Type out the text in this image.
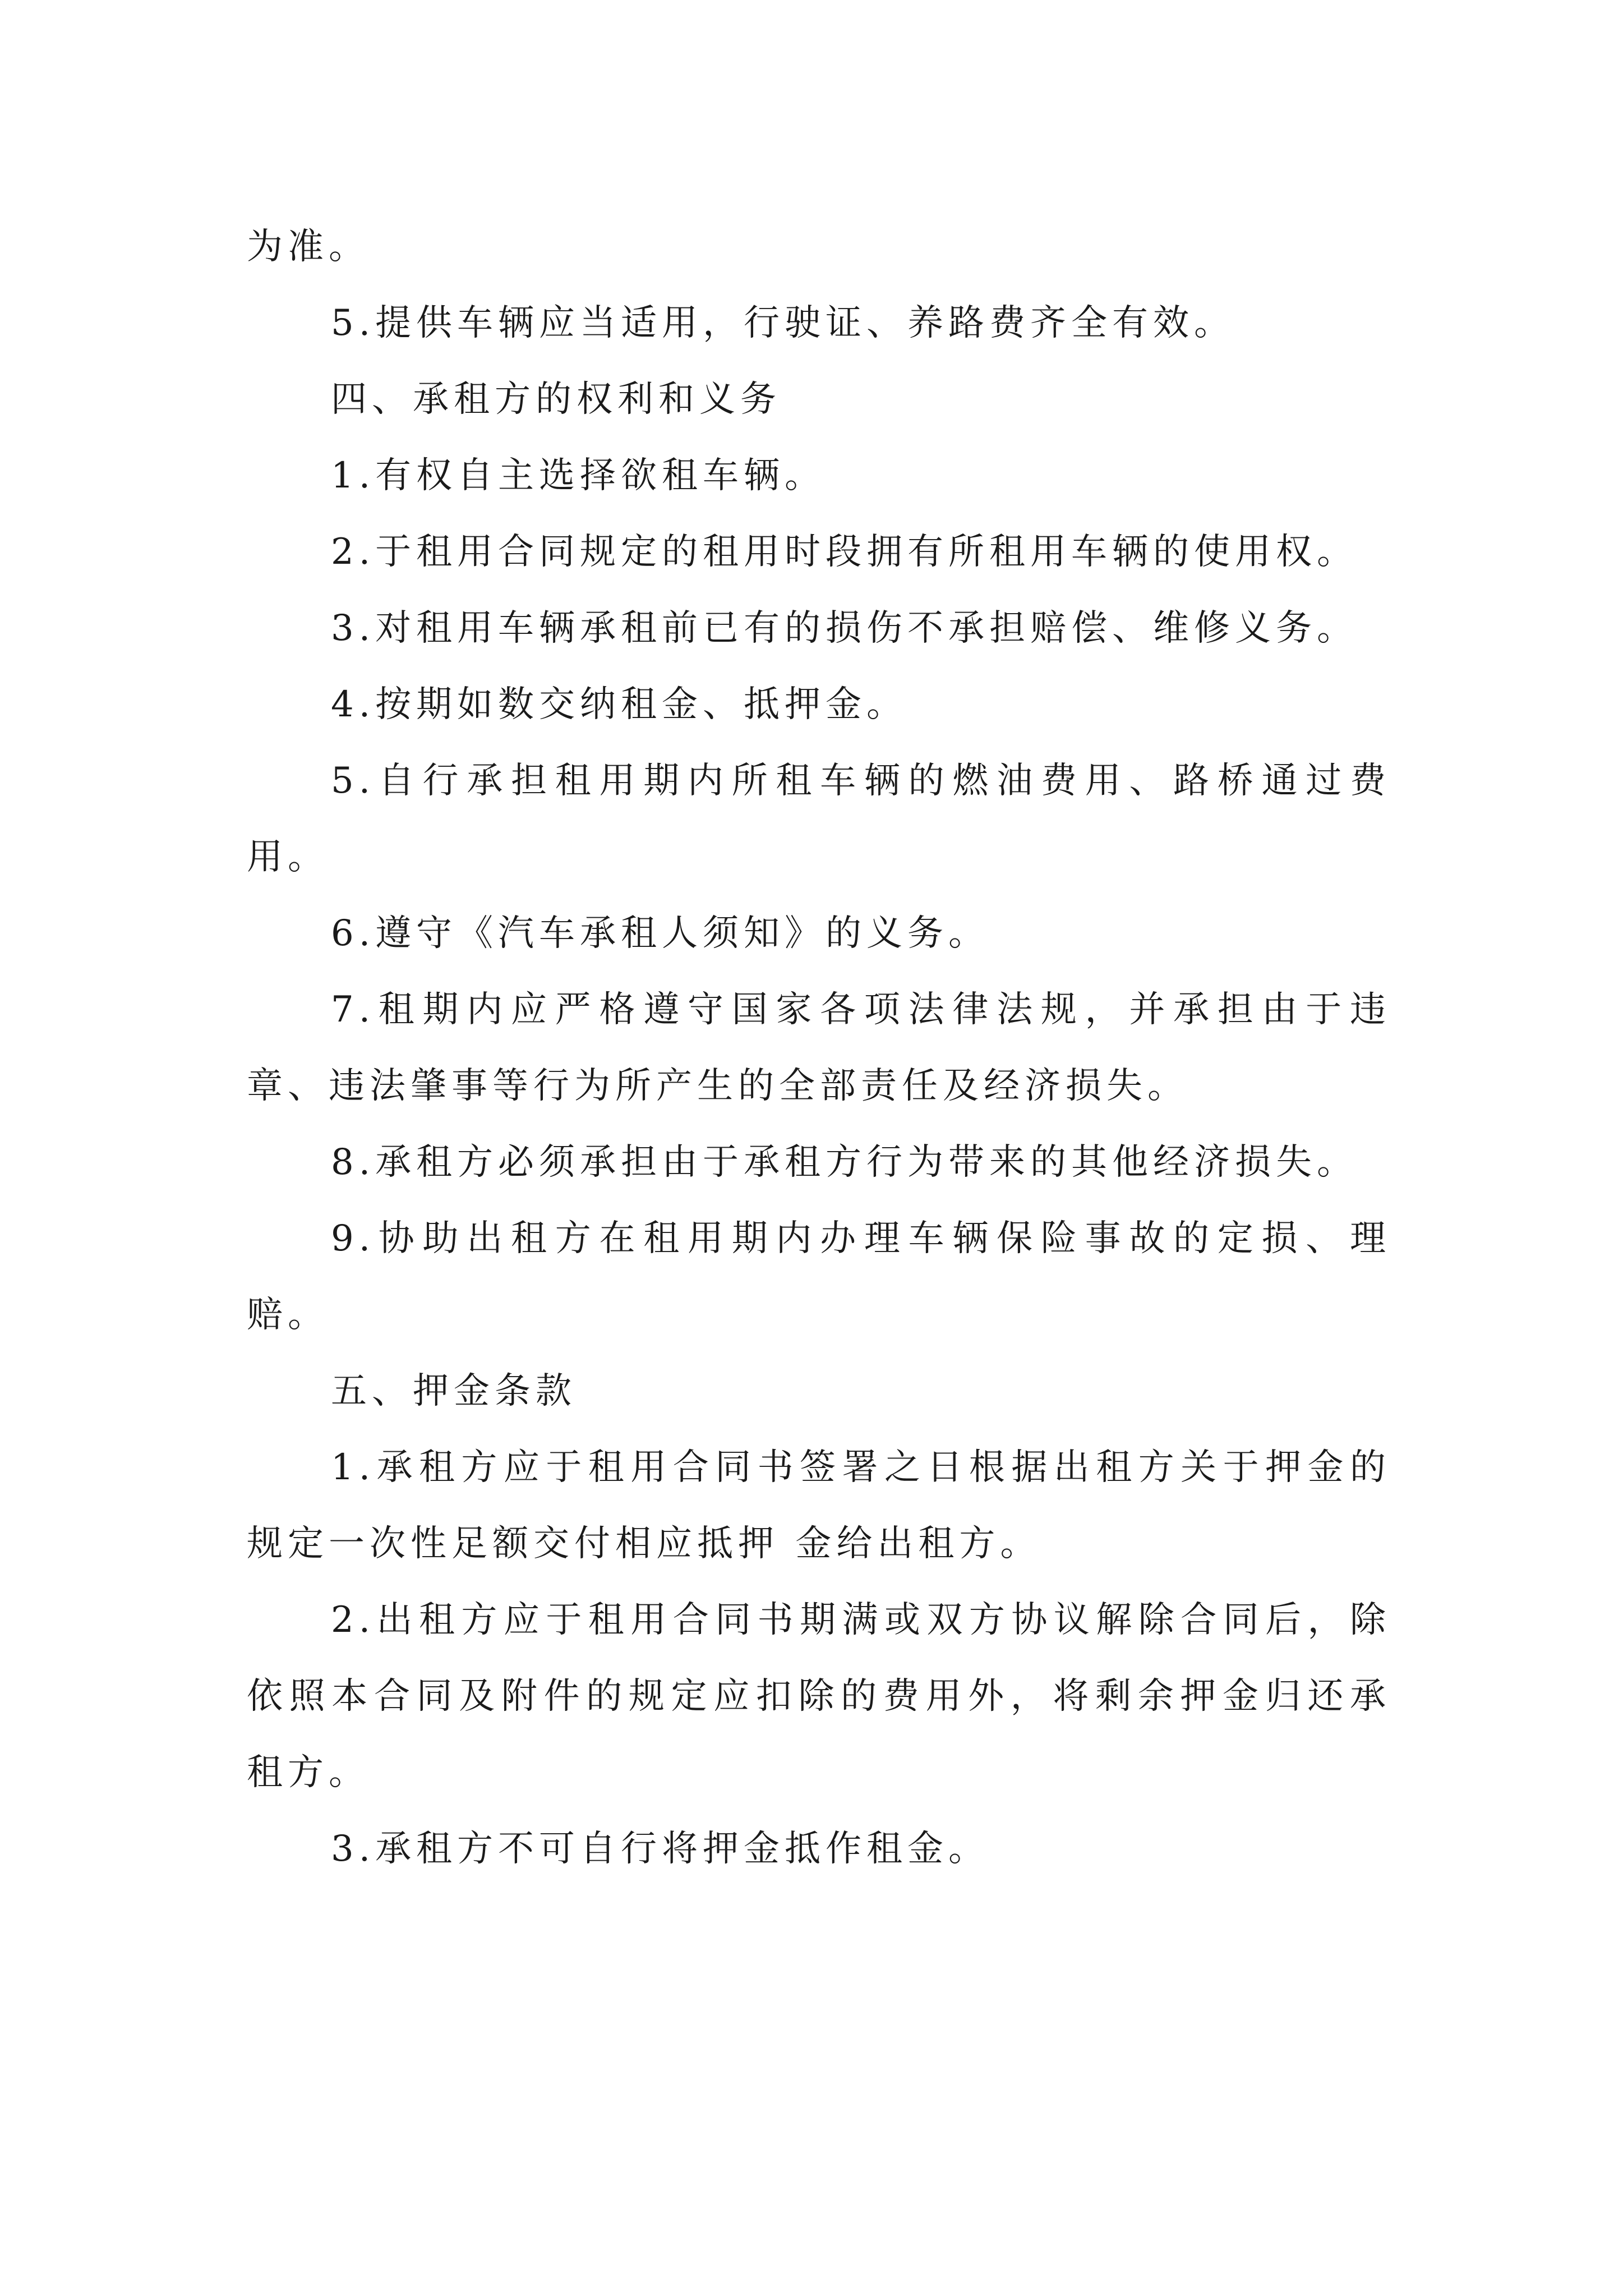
为准。

5.提供车辆应当适用，行驶证、养路费齐全有效。

四、承租方的权利和义务

1.有权自主选择欲租车辆。

2.于租用合同规定的租用时段拥有所租用车辆的使用权。

3.对租用车辆承租前已有的损伤不承担赔偿、维修义务。

4.按期如数交纳租金、抵押金。

5.自行承担租用期内所租车辆的燃油费用、路桥通过费用。

6.遵守《汽车承租人须知》的义务。

7.租期内应严格遵守国家各项法律法规，并承担由于违章、违法肇事等行为所产生的全部责任及经济损失。

8.承租方必须承担由于承租方行为带来的其他经济损失。

9.协助出租方在租用期内办理车辆保险事故的定损、理赔。

五、押金条款

1.承租方应于租用合同书签署之日根据出租方关于押金的规定一次性足额交付相应抵押 金给出租方。

2.出租方应于租用合同书期满或双方协议解除合同后，除依照本合同及附件的规定应扣除的费用外，将剩余押金归还承租方。

3.承租方不可自行将押金抵作租金。
